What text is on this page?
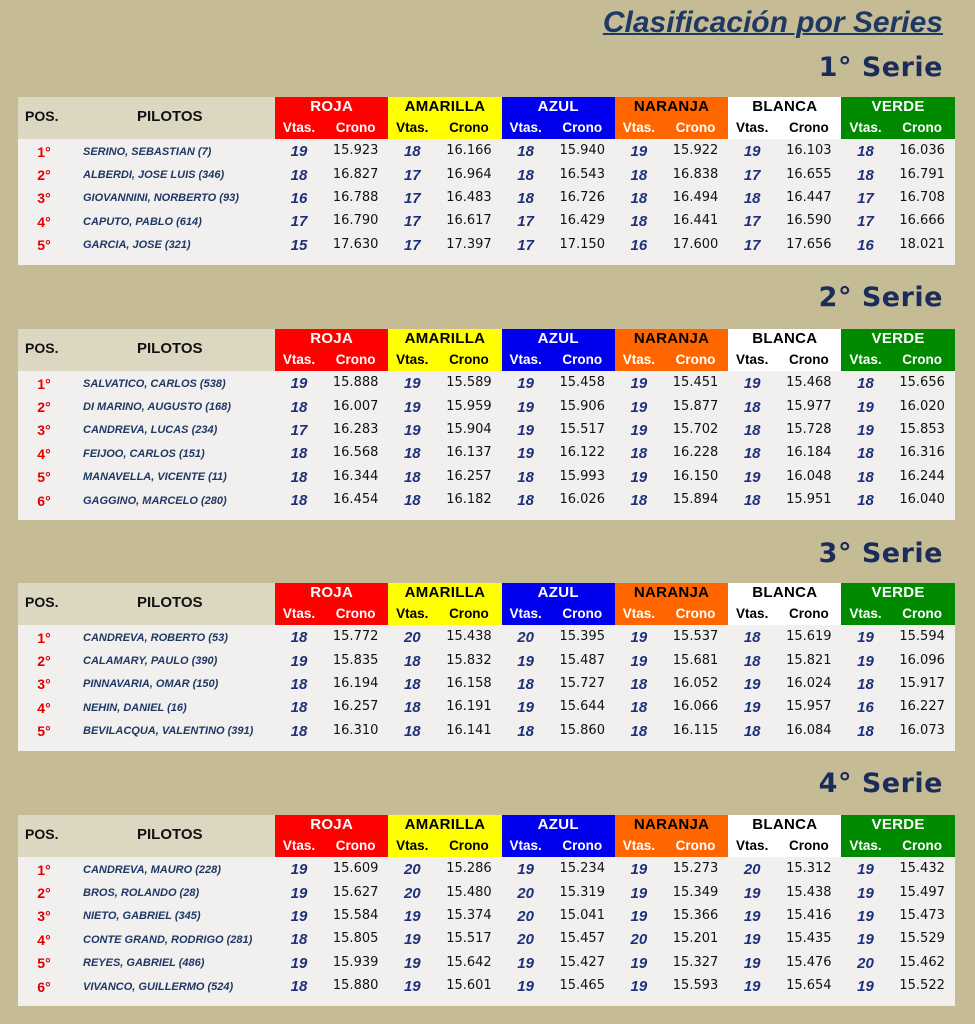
Clasificación por Series
1° Serie
POS.	PILOTOS
ROJA
Vtas.	Crono
AMARILLA
Vtas.	Crono
AZUL
Vtas.	Crono
NARANJA
Vtas.	Crono
BLANCA
Vtas.	Crono
VERDE
Vtas.	Crono
1°	SERINO, SEBASTIAN (7)	19	15.923	18	16.166	18	15.940	19	15.922	19	16.103	18	16.036
2°	ALBERDI, JOSE LUIS (346)	18	16.827	17	16.964	18	16.543	18	16.838	17	16.655	18	16.791
3°	GIOVANNINI, NORBERTO (93)	16	16.788	17	16.483	18	16.726	18	16.494	18	16.447	17	16.708
4°	CAPUTO, PABLO (614)	17	16.790	17	16.617	17	16.429	18	16.441	17	16.590	17	16.666
5°	GARCIA, JOSE (321)	15	17.630	17	17.397	17	17.150	16	17.600	17	17.656	16	18.021
2° Serie
POS.	PILOTOS
ROJA
Vtas.	Crono
AMARILLA
Vtas.	Crono
AZUL
Vtas.	Crono
NARANJA
Vtas.	Crono
BLANCA
Vtas.	Crono
VERDE
Vtas.	Crono
1°	SALVATICO, CARLOS (538)	19	15.888	19	15.589	19	15.458	19	15.451	19	15.468	18	15.656
2°	DI MARINO, AUGUSTO (168)	18	16.007	19	15.959	19	15.906	19	15.877	18	15.977	19	16.020
3°	CANDREVA, LUCAS (234)	17	16.283	19	15.904	19	15.517	19	15.702	18	15.728	19	15.853
4°	FEIJOO, CARLOS (151)	18	16.568	18	16.137	19	16.122	18	16.228	18	16.184	18	16.316
5°	MANAVELLA, VICENTE (11)	18	16.344	18	16.257	18	15.993	19	16.150	19	16.048	18	16.244
6°	GAGGINO, MARCELO (280)	18	16.454	18	16.182	18	16.026	18	15.894	18	15.951	18	16.040
3° Serie
POS.	PILOTOS
ROJA
Vtas.	Crono
AMARILLA
Vtas.	Crono
AZUL
Vtas.	Crono
NARANJA
Vtas.	Crono
BLANCA
Vtas.	Crono
VERDE
Vtas.	Crono
1°	CANDREVA, ROBERTO (53)	18	15.772	20	15.438	20	15.395	19	15.537	18	15.619	19	15.594
2°	CALAMARY, PAULO (390)	19	15.835	18	15.832	19	15.487	19	15.681	18	15.821	19	16.096
3°	PINNAVARIA, OMAR (150)	18	16.194	18	16.158	18	15.727	18	16.052	19	16.024	18	15.917
4°	NEHIN, DANIEL (16)	18	16.257	18	16.191	19	15.644	18	16.066	19	15.957	16	16.227
5°	BEVILACQUA, VALENTINO (391)	18	16.310	18	16.141	18	15.860	18	16.115	18	16.084	18	16.073
4° Serie
POS.	PILOTOS
ROJA
Vtas.	Crono
AMARILLA
Vtas.	Crono
AZUL
Vtas.	Crono
NARANJA
Vtas.	Crono
BLANCA
Vtas.	Crono
VERDE
Vtas.	Crono
1°	CANDREVA, MAURO (228)	19	15.609	20	15.286	19	15.234	19	15.273	20	15.312	19	15.432
2°	BROS, ROLANDO (28)	19	15.627	20	15.480	20	15.319	19	15.349	19	15.438	19	15.497
3°	NIETO, GABRIEL (345)	19	15.584	19	15.374	20	15.041	19	15.366	19	15.416	19	15.473
4°	CONTE GRAND, RODRIGO (281)	18	15.805	19	15.517	20	15.457	20	15.201	19	15.435	19	15.529
5°	REYES, GABRIEL (486)	19	15.939	19	15.642	19	15.427	19	15.327	19	15.476	20	15.462
6°	VIVANCO, GUILLERMO (524)	18	15.880	19	15.601	19	15.465	19	15.593	19	15.654	19	15.522
